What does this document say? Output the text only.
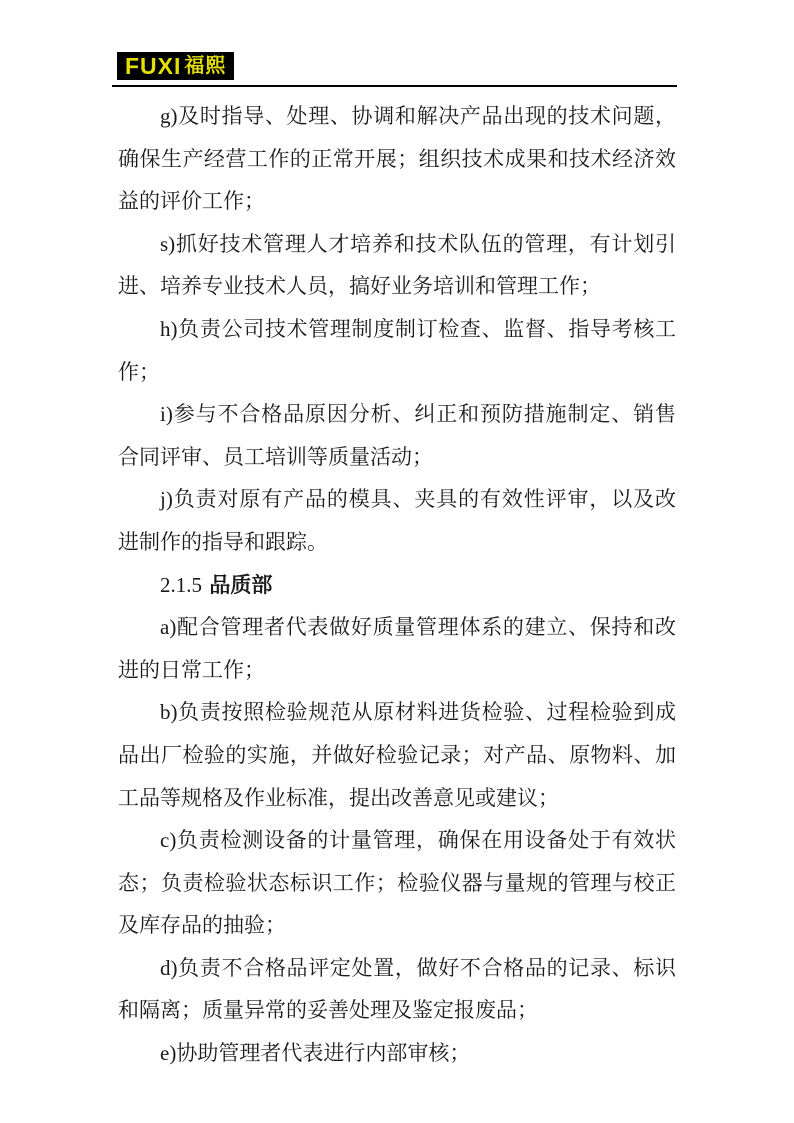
FUXI 福熙

g)及时指导、处理、协调和解决产品出现的技术问题，确保生产经营工作的正常开展；组织技术成果和技术经济效益的评价工作；

s)抓好技术管理人才培养和技术队伍的管理，有计划引进、培养专业技术人员，搞好业务培训和管理工作；

h)负责公司技术管理制度制订检查、监督、指导考核工作；

i)参与不合格品原因分析、纠正和预防措施制定、销售合同评审、员工培训等质量活动；

j)负责对原有产品的模具、夹具的有效性评审，以及改进制作的指导和跟踪。

2.1.5 品质部

a)配合管理者代表做好质量管理体系的建立、保持和改进的日常工作；

b)负责按照检验规范从原材料进货检验、过程检验到成品出厂检验的实施，并做好检验记录；对产品、原物料、加工品等规格及作业标准，提出改善意见或建议；

c)负责检测设备的计量管理，确保在用设备处于有效状态；负责检验状态标识工作；检验仪器与量规的管理与校正及库存品的抽验；

d)负责不合格品评定处置，做好不合格品的记录、标识和隔离；质量异常的妥善处理及鉴定报废品；

e)协助管理者代表进行内部审核；
